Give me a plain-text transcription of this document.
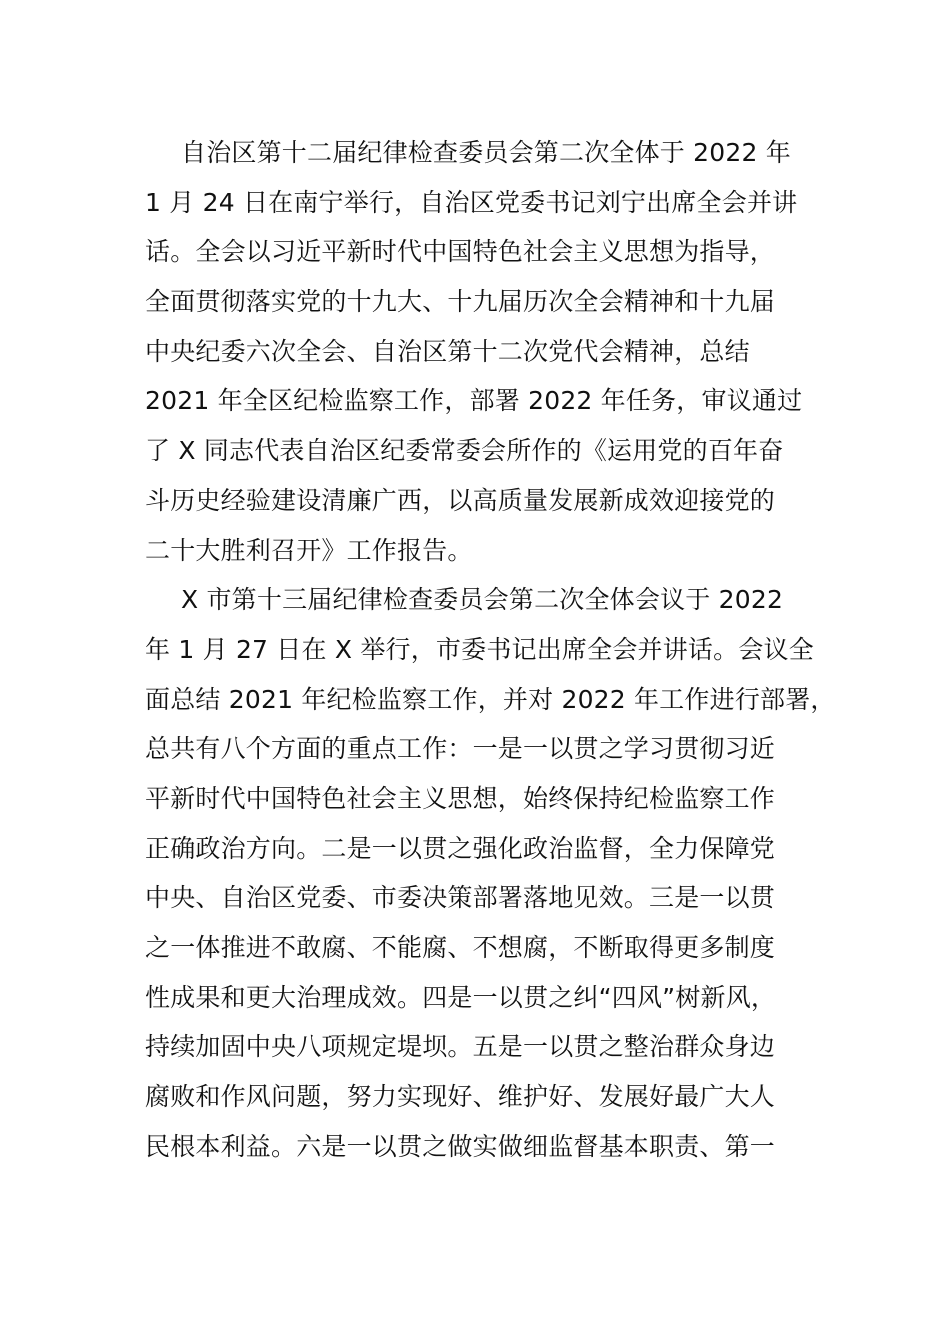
自治区第十二届纪律检查委员会第二次全体于 2022 年
1 月 24 日在南宁举行，自治区党委书记刘宁出席全会并讲
话。全会以习近平新时代中国特色社会主义思想为指导，
全面贯彻落实党的十九大、十九届历次全会精神和十九届
中央纪委六次全会、自治区第十二次党代会精神，总结
2021 年全区纪检监察工作，部署 2022 年任务，审议通过
了 X 同志代表自治区纪委常委会所作的《运用党的百年奋
斗历史经验建设清廉广西，以高质量发展新成效迎接党的
二十大胜利召开》工作报告。

X 市第十三届纪律检查委员会第二次全体会议于 2022
年 1 月 27 日在 X 举行，市委书记出席全会并讲话。会议全
面总结 2021 年纪检监察工作，并对 2022 年工作进行部署，
总共有八个方面的重点工作：一是一以贯之学习贯彻习近
平新时代中国特色社会主义思想，始终保持纪检监察工作
正确政治方向。二是一以贯之强化政治监督，全力保障党
中央、自治区党委、市委决策部署落地见效。三是一以贯
之一体推进不敢腐、不能腐、不想腐，不断取得更多制度
性成果和更大治理成效。四是一以贯之纠“四风”树新风，
持续加固中央八项规定堤坝。五是一以贯之整治群众身边
腐败和作风问题，努力实现好、维护好、发展好最广大人
民根本利益。六是一以贯之做实做细监督基本职责、第一
